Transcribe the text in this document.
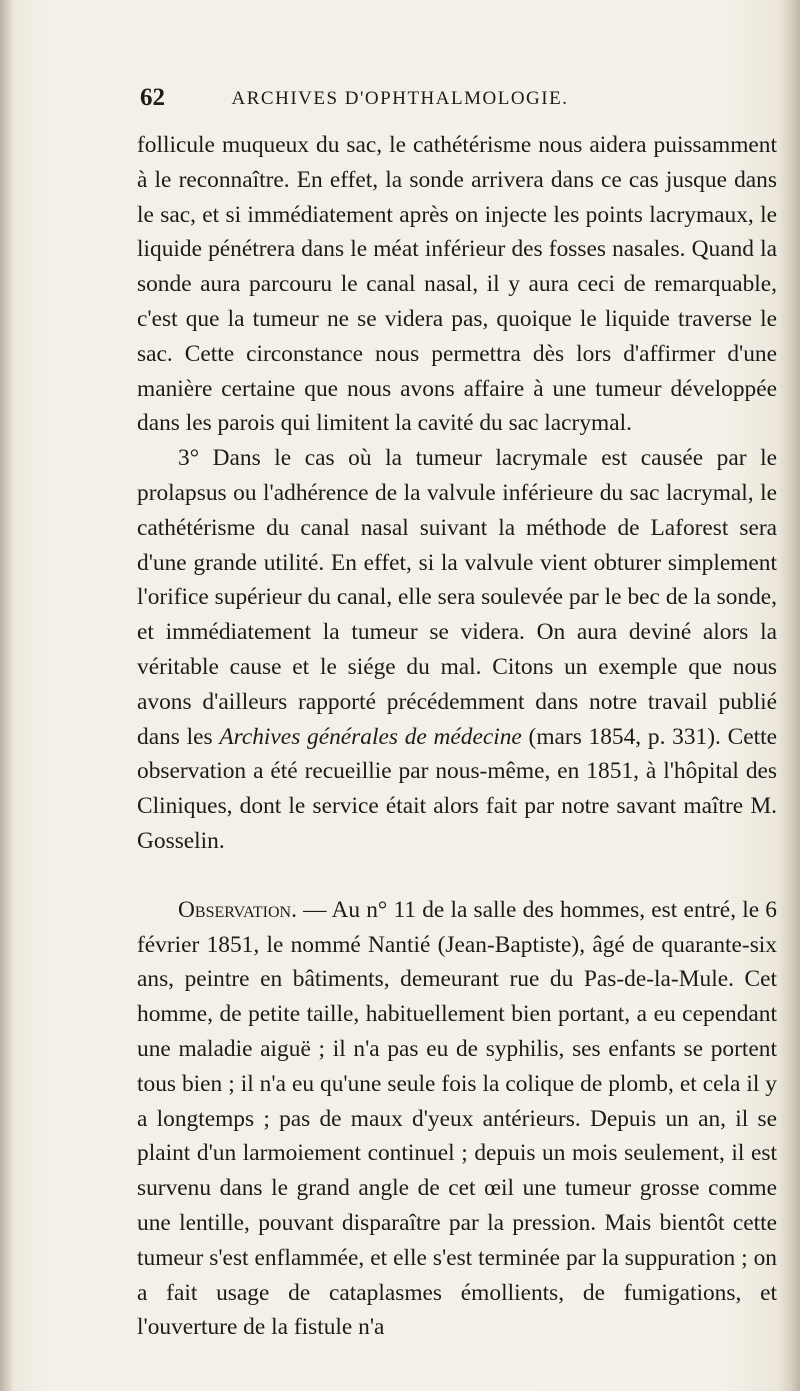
62	ARCHIVES D'OPHTHALMOLOGIE.

follicule muqueux du sac, le cathétérisme nous aidera puissamment à le reconnaître. En effet, la sonde arrivera dans ce cas jusque dans le sac, et si immédiatement après on injecte les points lacrymaux, le liquide pénétrera dans le méat inférieur des fosses nasales. Quand la sonde aura parcouru le canal nasal, il y aura ceci de remarquable, c'est que la tumeur ne se videra pas, quoique le liquide traverse le sac. Cette circonstance nous permettra dès lors d'affirmer d'une manière certaine que nous avons affaire à une tumeur développée dans les parois qui limitent la cavité du sac lacrymal.

3° Dans le cas où la tumeur lacrymale est causée par le prolapsus ou l'adhérence de la valvule inférieure du sac lacrymal, le cathétérisme du canal nasal suivant la méthode de Laforest sera d'une grande utilité. En effet, si la valvule vient obturer simplement l'orifice supérieur du canal, elle sera soulevée par le bec de la sonde, et immédiatement la tumeur se videra. On aura deviné alors la véritable cause et le siége du mal. Citons un exemple que nous avons d'ailleurs rapporté précédemment dans notre travail publié dans les Archives générales de médecine (mars 1854, p. 331). Cette observation a été recueillie par nous-même, en 1851, à l'hôpital des Cliniques, dont le service était alors fait par notre savant maître M. Gosselin.

Observation. — Au n° 11 de la salle des hommes, est entré, le 6 février 1851, le nommé Nantié (Jean-Baptiste), âgé de quarante-six ans, peintre en bâtiments, demeurant rue du Pas-de-la-Mule. Cet homme, de petite taille, habituellement bien portant, a eu cependant une maladie aiguë ; il n'a pas eu de syphilis, ses enfants se portent tous bien ; il n'a eu qu'une seule fois la colique de plomb, et cela il y a longtemps ; pas de maux d'yeux antérieurs. Depuis un an, il se plaint d'un larmoiement continuel ; depuis un mois seulement, il est survenu dans le grand angle de cet œil une tumeur grosse comme une lentille, pouvant disparaître par la pression. Mais bientôt cette tumeur s'est enflammée, et elle s'est terminée par la suppuration ; on a fait usage de cataplasmes émollients, de fumigations, et l'ouverture de la fistule n'a
